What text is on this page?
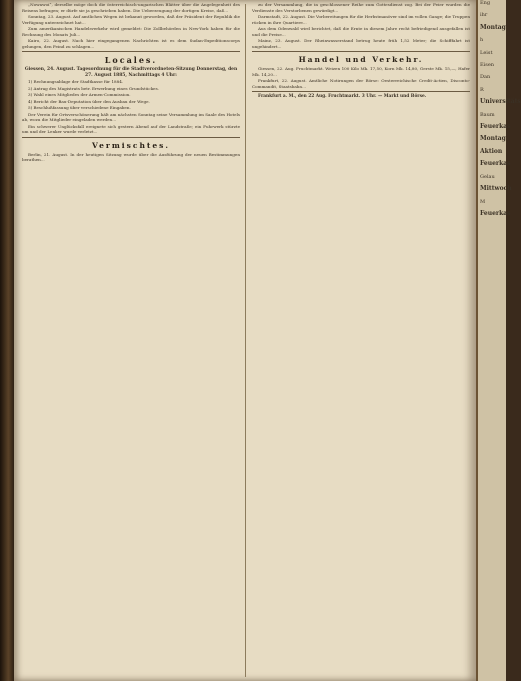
„Nowawoi“, derselbe möge doch die österreichisch-ungarischen Blätter über die Angelegenheit des Reisens befragen; er dürfe sie ja geschrieben haben. Die Ueberzeugung der dortigen Kreise, daß...

Sonntag, 23. August. Auf amtlichen Wegen ist bekannt geworden, daß der Präsident der Republik die Verfügung unterzeichnet hat...

Zum amerikanischen Handelsverkehr wird gemeldet: Die Zollbehörden in New-York haben für die Rechnung des Monats Juli...

Kairo, 22. August. Nach hier eingegangenen Nachrichten ist es dem Sudan-Expeditionscorps gelungen, den Feind zu schlagen...

Locales.

Giessen, 24. August. Tagesordnung für die Stadtverordneten-Sitzung Donnerstag, den 27. August 1885, Nachmittags 4 Uhr:

1) Rechnungsablage der Stadtkasse für 1884.

2) Antrag des Magistrats betr. Erwerbung eines Grundstückes.

3) Wahl eines Mitgliedes der Armen-Commission.

4) Bericht der Bau-Deputation über den Ausbau der Wege.

5) Beschlußfassung über verschiedene Eingaben.

Der Verein für Ortsverschönerung hält am nächsten Sonntag seine Versammlung im Saale des Hotels ab, wozu die Mitglieder eingeladen werden...

Ein schwerer Unglücksfall ereignete sich gestern Abend auf der Landstraße; ein Fuhrwerk stürzte um und der Lenker wurde verletzt...

Vermischtes.

Berlin, 21. August. In der heutigen Sitzung wurde über die Ausführung der neuen Bestimmungen berathen...

zu der Versammlung, die in geschlossener Reihe zum Gottesdienst zog. Bei der Feier wurden die Verdienste des Verstorbenen gewürdigt...

Darmstadt, 22. August. Die Vorbereitungen für die Herbstmanöver sind im vollen Gange; die Truppen rücken in ihre Quartiere...

Aus dem Odenwald wird berichtet, daß die Ernte in diesem Jahre recht befriedigend ausgefallen ist und die Preise...

Mainz, 23. August. Der Rheinwasserstand betrug heute früh 1,52 Meter; die Schifffahrt ist ungehindert...

Handel und Verkehr.

Giessen, 22. Aug. Fruchtmarkt. Weizen 100 Kilo Mk. 17,50, Korn Mk. 14,80, Gerste Mk. 15,—, Hafer Mk. 14,20...

Frankfurt, 22. August. Amtliche Notirungen der Börse: Oesterreichische Credit-Actien, Disconto-Commandit, Staatsbahn...

Frankfurt a. M., den 22 Aug. Fruchtmarkt. 3 Uhr. — Markt und Börse.

Eng
ihr
Montag
h
Leist
Eisen
Dan
R
Universitäts
Baum
Feuerkas
Montag
Aktion
Feuerkas
Gelau
Mittwoch
M
Feuerkas
